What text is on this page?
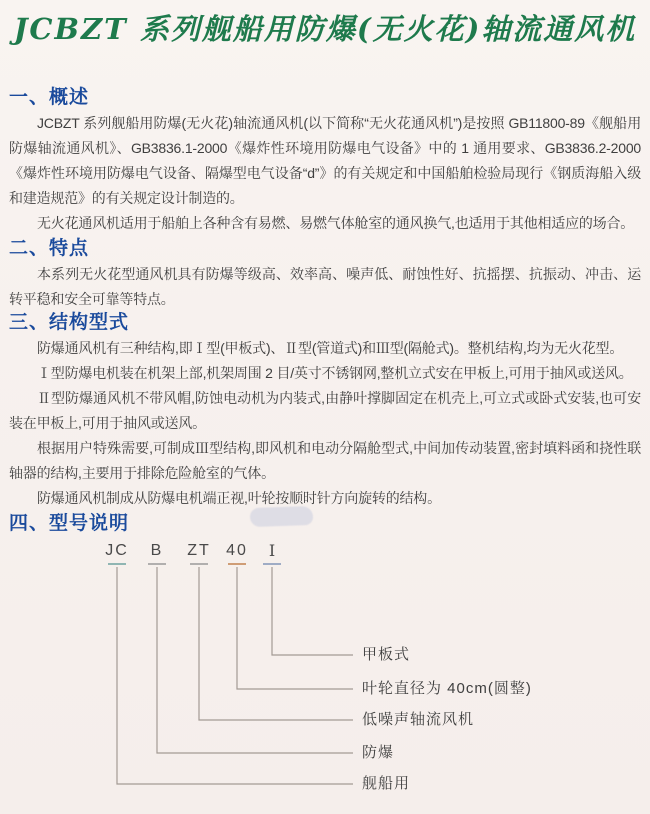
JCBZT 系列舰船用防爆(无火花)轴流通风机
一、概述

JCBZT 系列舰船用防爆(无火花)轴流通风机(以下简称“无火花通风机”)是按照 GB11800-89《舰船用防爆轴流通风机》、GB3836.1-2000《爆炸性环境用防爆电气设备》中的 1 通用要求、GB3836.2-2000《爆炸性环境用防爆电气设备、隔爆型电气设备“d”》的有关规定和中国船舶检验局现行《钢质海船入级和建造规范》的有关规定设计制造的。

无火花通风机适用于船舶上各种含有易燃、易燃气体舱室的通风换气,也适用于其他相适应的场合。

二、特点

本系列无火花型通风机具有防爆等级高、效率高、噪声低、耐蚀性好、抗摇摆、抗振动、冲击、运转平稳和安全可靠等特点。

三、结构型式

防爆通风机有三种结构,即Ⅰ型(甲板式)、Ⅱ型(管道式)和Ⅲ型(隔舱式)。整机结构,均为无火花型。

Ⅰ型防爆电机装在机架上部,机架周围 2 目/英寸不锈钢网,整机立式安在甲板上,可用于抽风或送风。

Ⅱ型防爆通风机不带风帽,防蚀电动机为内装式,由静叶撑脚固定在机壳上,可立式或卧式安装,也可安装在甲板上,可用于抽风或送风。

根据用户特殊需要,可制成Ⅲ型结构,即风机和电动分隔舱型式,中间加传动装置,密封填料函和挠性联轴器的结构,主要用于排除危险舱室的气体。

防爆通风机制成从防爆电机端正视,叶轮按顺时针方向旋转的结构。

四、型号说明
JC
舰船用
B
防爆
ZT
低噪声轴流风机
40
叶轮直径为 40cm(圆整)
I
甲板式
